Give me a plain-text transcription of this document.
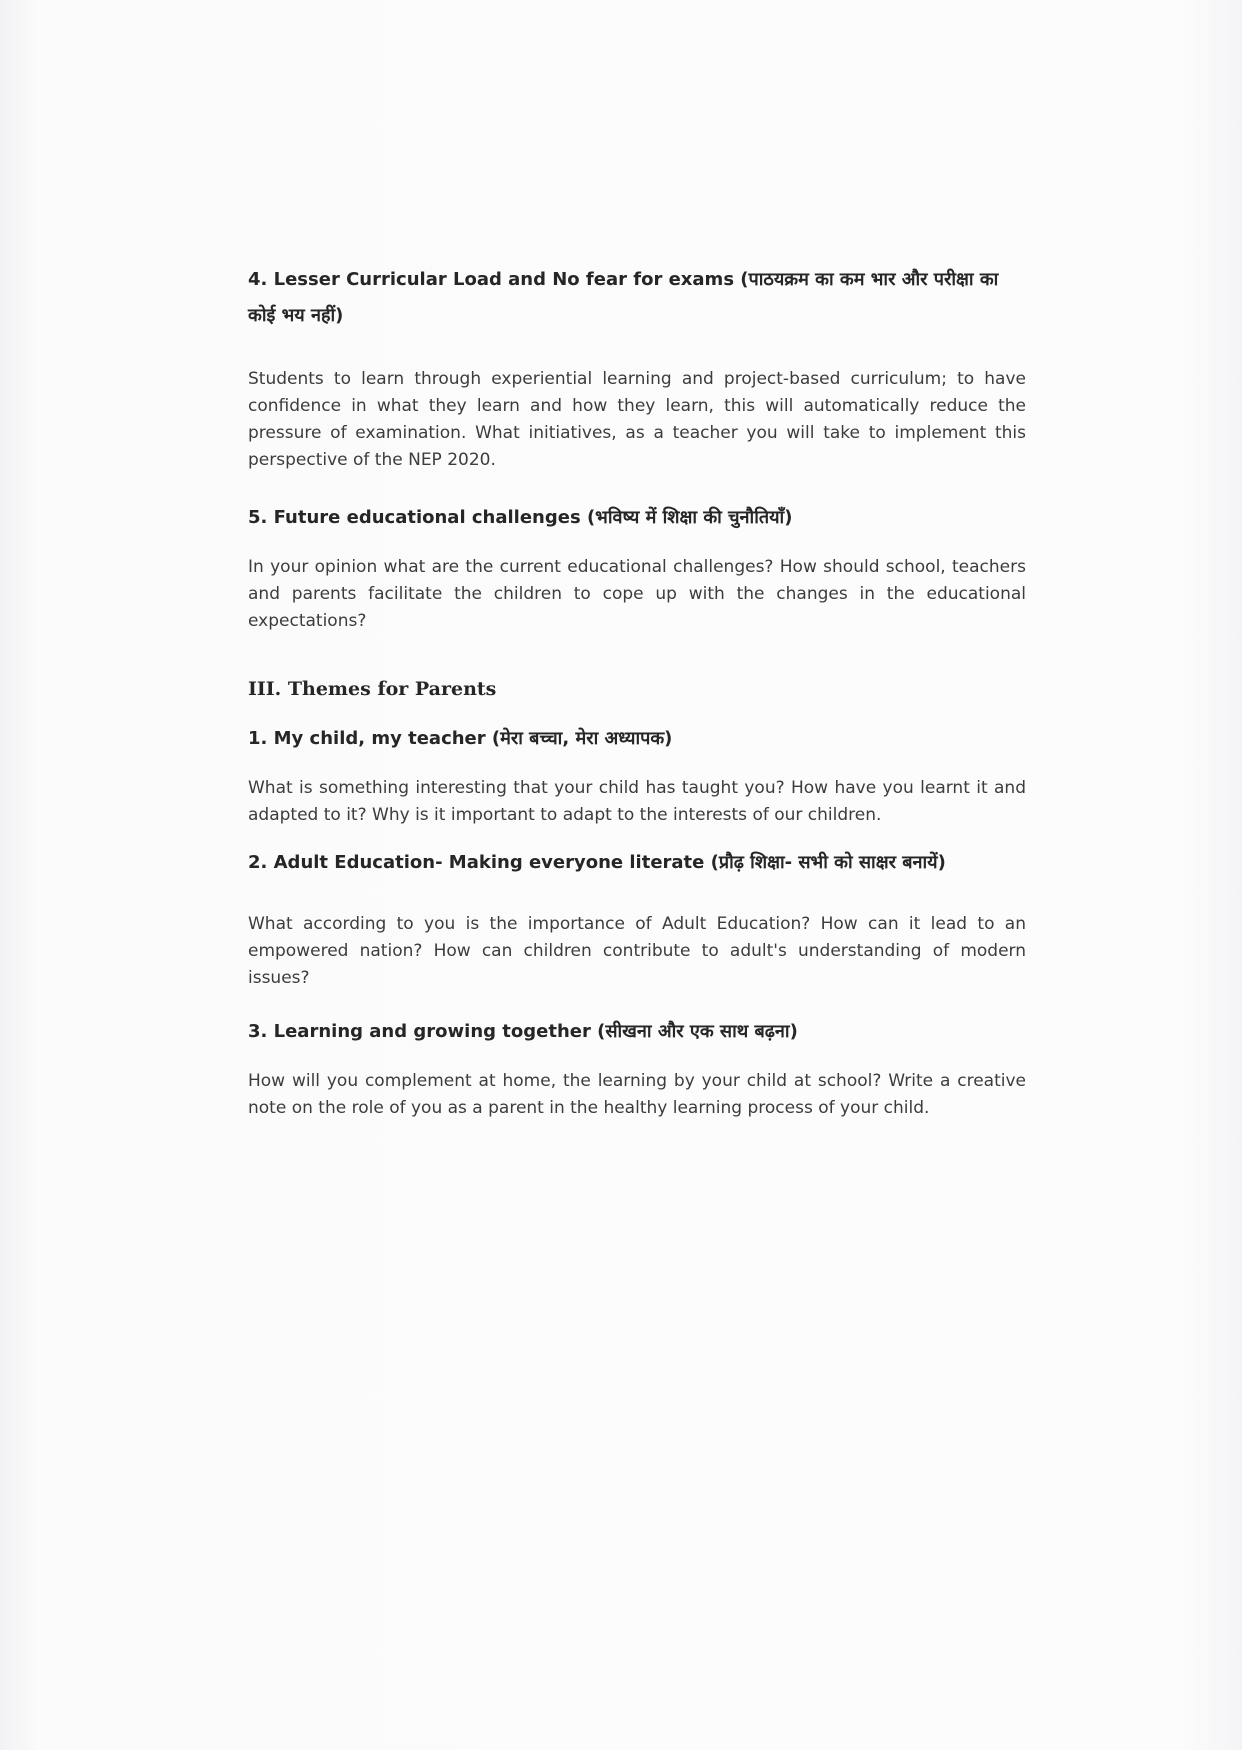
4. Lesser Curricular Load and No fear for exams (पाठयक्रम का कम भार और परीक्षा का कोई भय नहीं)

Students to learn through experiential learning and project-based curriculum; to have confidence in what they learn and how they learn, this will automatically reduce the pressure of examination. What initiatives, as a teacher you will take to implement this perspective of the NEP 2020.

5. Future educational challenges (भविष्य में शिक्षा की चुनौतियाँ)

In your opinion what are the current educational challenges? How should school, teachers and parents facilitate the children to cope up with the changes in the educational expectations?

III. Themes for Parents
1. My child, my teacher (मेरा बच्चा, मेरा अध्यापक)

What is something interesting that your child has taught you? How have you learnt it and adapted to it? Why is it important to adapt to the interests of our children.

2. Adult Education- Making everyone literate (प्रौढ़ शिक्षा- सभी को साक्षर बनायें)

What according to you is the importance of Adult Education? How can it lead to an empowered nation? How can children contribute to adult's understanding of modern issues?

3. Learning and growing together (सीखना और एक साथ बढ़ना)

How will you complement at home, the learning by your child at school? Write a creative note on the role of you as a parent in the healthy learning process of your child.
